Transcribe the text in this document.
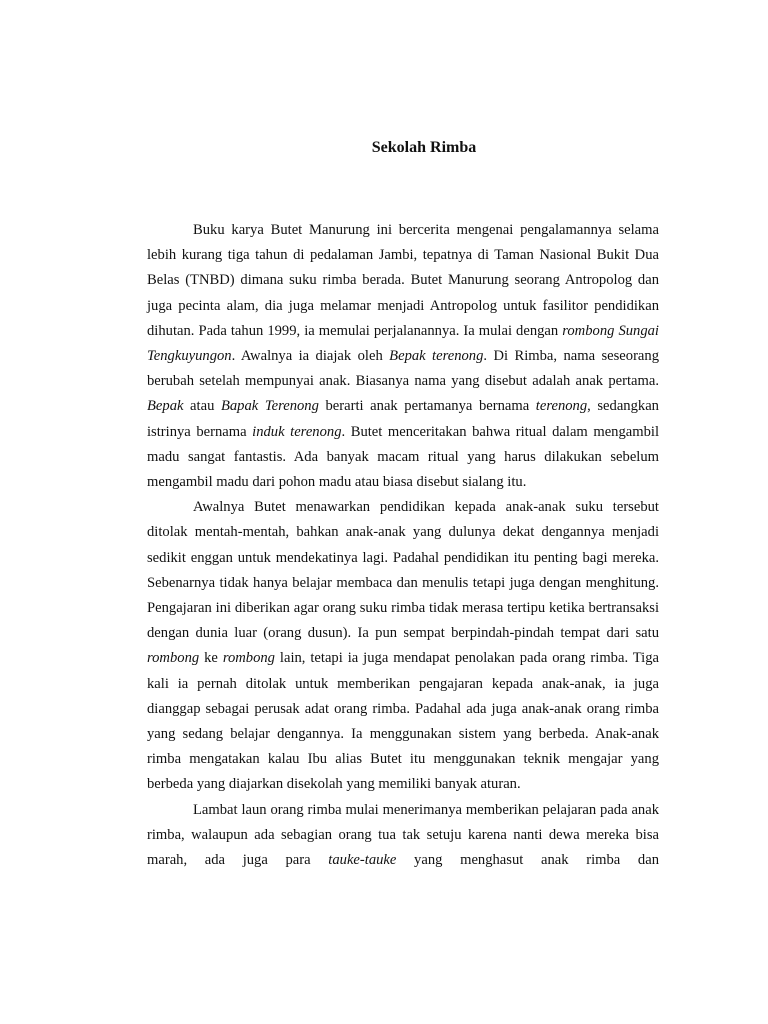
Sekolah Rimba

Buku karya Butet Manurung ini bercerita mengenai pengalamannya selama lebih kurang tiga tahun di pedalaman Jambi, tepatnya di Taman Nasional Bukit Dua Belas (TNBD) dimana suku rimba berada. Butet Manurung seorang Antropolog dan juga pecinta alam, dia juga melamar menjadi Antropolog untuk fasilitor pendidikan dihutan. Pada tahun 1999, ia memulai perjalanannya. Ia mulai dengan rombong Sungai Tengkuyungon. Awalnya ia diajak oleh Bepak terenong. Di Rimba, nama seseorang berubah setelah mempunyai anak. Biasanya nama yang disebut adalah anak pertama. Bepak atau Bapak Terenong berarti anak pertamanya bernama terenong, sedangkan istrinya bernama induk terenong. Butet menceritakan bahwa ritual dalam mengambil madu sangat fantastis. Ada banyak macam ritual yang harus dilakukan sebelum mengambil madu dari pohon madu atau biasa disebut sialang itu.

Awalnya Butet menawarkan pendidikan kepada anak-anak suku tersebut ditolak mentah-mentah, bahkan anak-anak yang dulunya dekat dengannya menjadi sedikit enggan untuk mendekatinya lagi. Padahal pendidikan itu penting bagi mereka. Sebenarnya tidak hanya belajar membaca dan menulis tetapi juga dengan menghitung. Pengajaran ini diberikan agar orang suku rimba tidak merasa tertipu ketika bertransaksi dengan dunia luar (orang dusun). Ia pun sempat berpindah-pindah tempat dari satu rombong ke rombong lain, tetapi ia juga mendapat penolakan pada orang rimba. Tiga kali ia pernah ditolak untuk memberikan pengajaran kepada anak-anak, ia juga dianggap sebagai perusak adat orang rimba. Padahal ada juga anak-anak orang rimba yang sedang belajar dengannya. Ia menggunakan sistem yang berbeda. Anak-anak rimba mengatakan kalau Ibu alias Butet itu menggunakan teknik mengajar yang berbeda yang diajarkan disekolah yang memiliki banyak aturan.

Lambat laun orang rimba mulai menerimanya memberikan pelajaran pada anak rimba, walaupun ada sebagian orang tua tak setuju karena nanti dewa mereka bisa marah, ada juga para tauke-tauke yang menghasut anak rimba dan
